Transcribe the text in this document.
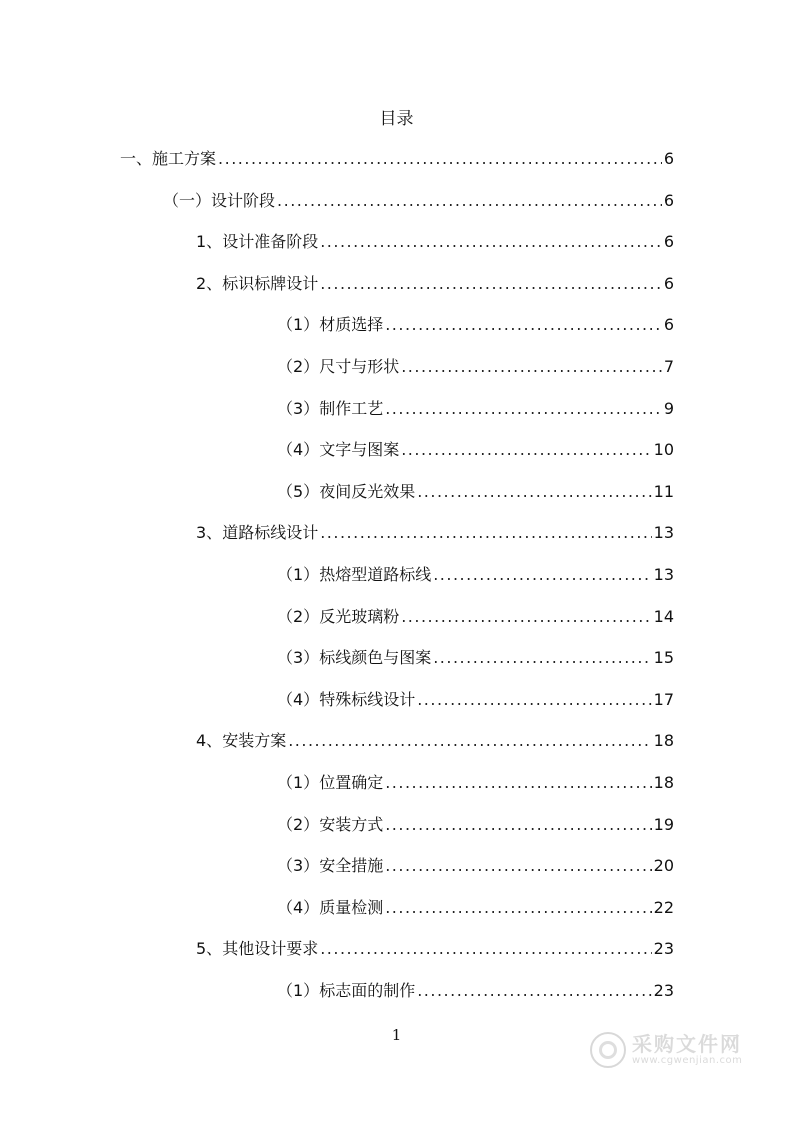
目录
一、 施工方案 .....	6
（一） 设计阶段 .....	6
1、 设计准备阶段 .....	6
2、 标识标牌设计 .....	6
（1） 材质选择 .....	6
（2） 尺寸与形状 .....	7
（3） 制作工艺 .....	9
（4） 文字与图案 .....	10
（5） 夜间反光效果 .....	11
3、 道路标线设计 .....	13
（1） 热熔型道路标线 .....	13
（2） 反光玻璃粉 .....	14
（3） 标线颜色与图案 .....	15
（4） 特殊标线设计 .....	17
4、 安装方案 .....	18
（1） 位置确定 .....	18
（2） 安装方式 .....	19
（3） 安全措施 .....	20
（4） 质量检测 .....	22
5、 其他设计要求 .....	23
（1） 标志面的制作 .....	23
1	采购文件网
www.cgwenjian.com
